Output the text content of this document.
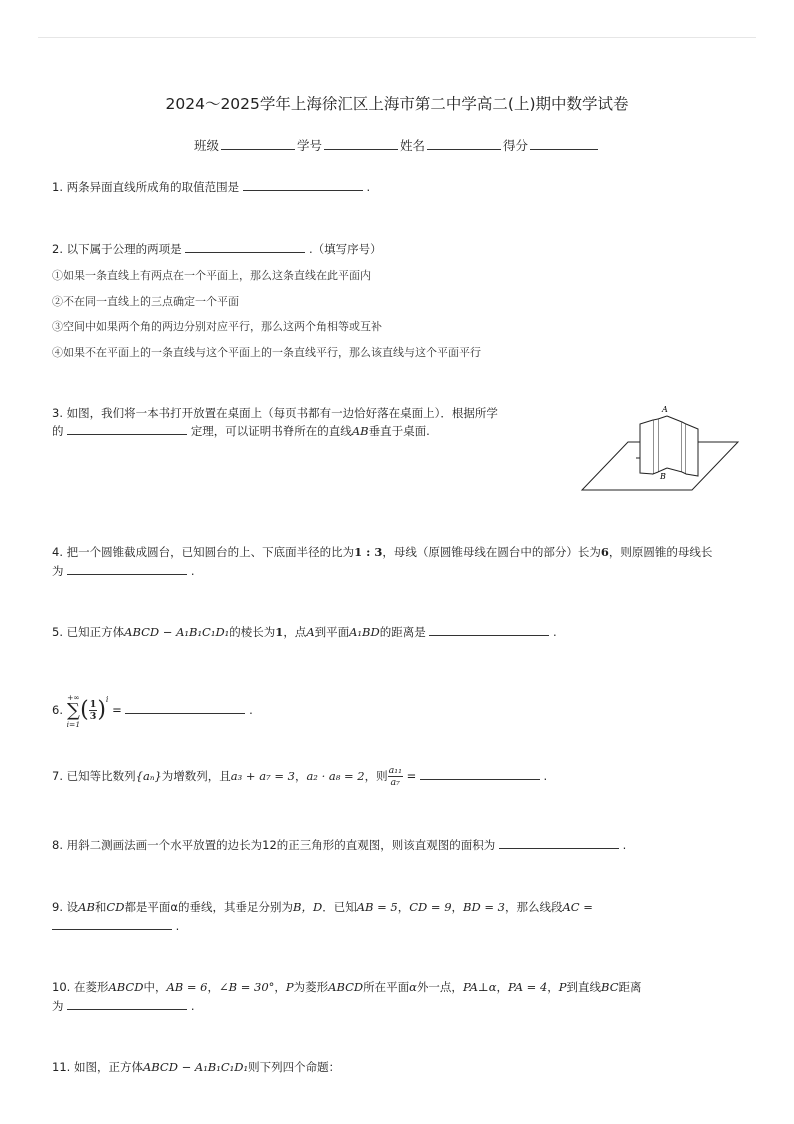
2024～2025学年上海徐汇区上海市第二中学高二(上)期中数学试卷
班级	学号	姓名	得分
1. 两条异面直线所成角的取值范围是	.
2. 以下属于公理的两项是	.（填写序号）
①如果一条直线上有两点在一个平面上，那么这条直线在此平面内
②不在同一直线上的三点确定一个平面
③空间中如果两个角的两边分别对应平行，那么这两个角相等或互补
④如果不在平面上的一条直线与这个平面上的一条直线平行，那么该直线与这个平面平行
3. 如图，我们将一本书打开放置在桌面上（每页书都有一边恰好落在桌面上）．根据所学
的	定理，可以证明书脊所在的直线AB垂直于桌面.
A
B
4. 把一个圆锥截成圆台，已知圆台的上、下底面半径的比为1 : 3，母线（原圆锥母线在圆台中的部分）长为6，则原圆锥的母线长
为	.
5. 已知正方体ABCD − A₁B₁C₁D₁的棱长为1，点A到平面A₁BD的距离是	.
6.
+∞
∑
i=1
( $\frac{1}{3} )^i$ =	.
7. 已知等比数列{aₙ}为增数列，且a₃ + a₇ = 3，a₂ · a₈ = 2，则 $\frac{\text{a₁₁}}{\text{a₇}}$ =	.
8. 用斜二测画法画一个水平放置的边长为12的正三角形的直观图，则该直观图的面积为	.
9. 设AB和CD都是平面α的垂线，其垂足分别为B，D．已知AB = 5，CD = 9，BD = 3，那么线段AC =
.
10. 在菱形ABCD中，AB = 6，∠B = 30°，P为菱形ABCD所在平面α外一点，PA⊥α，PA = 4，P到直线BC距离
为	.
11. 如图，正方体ABCD − A₁B₁C₁D₁则下列四个命题：
